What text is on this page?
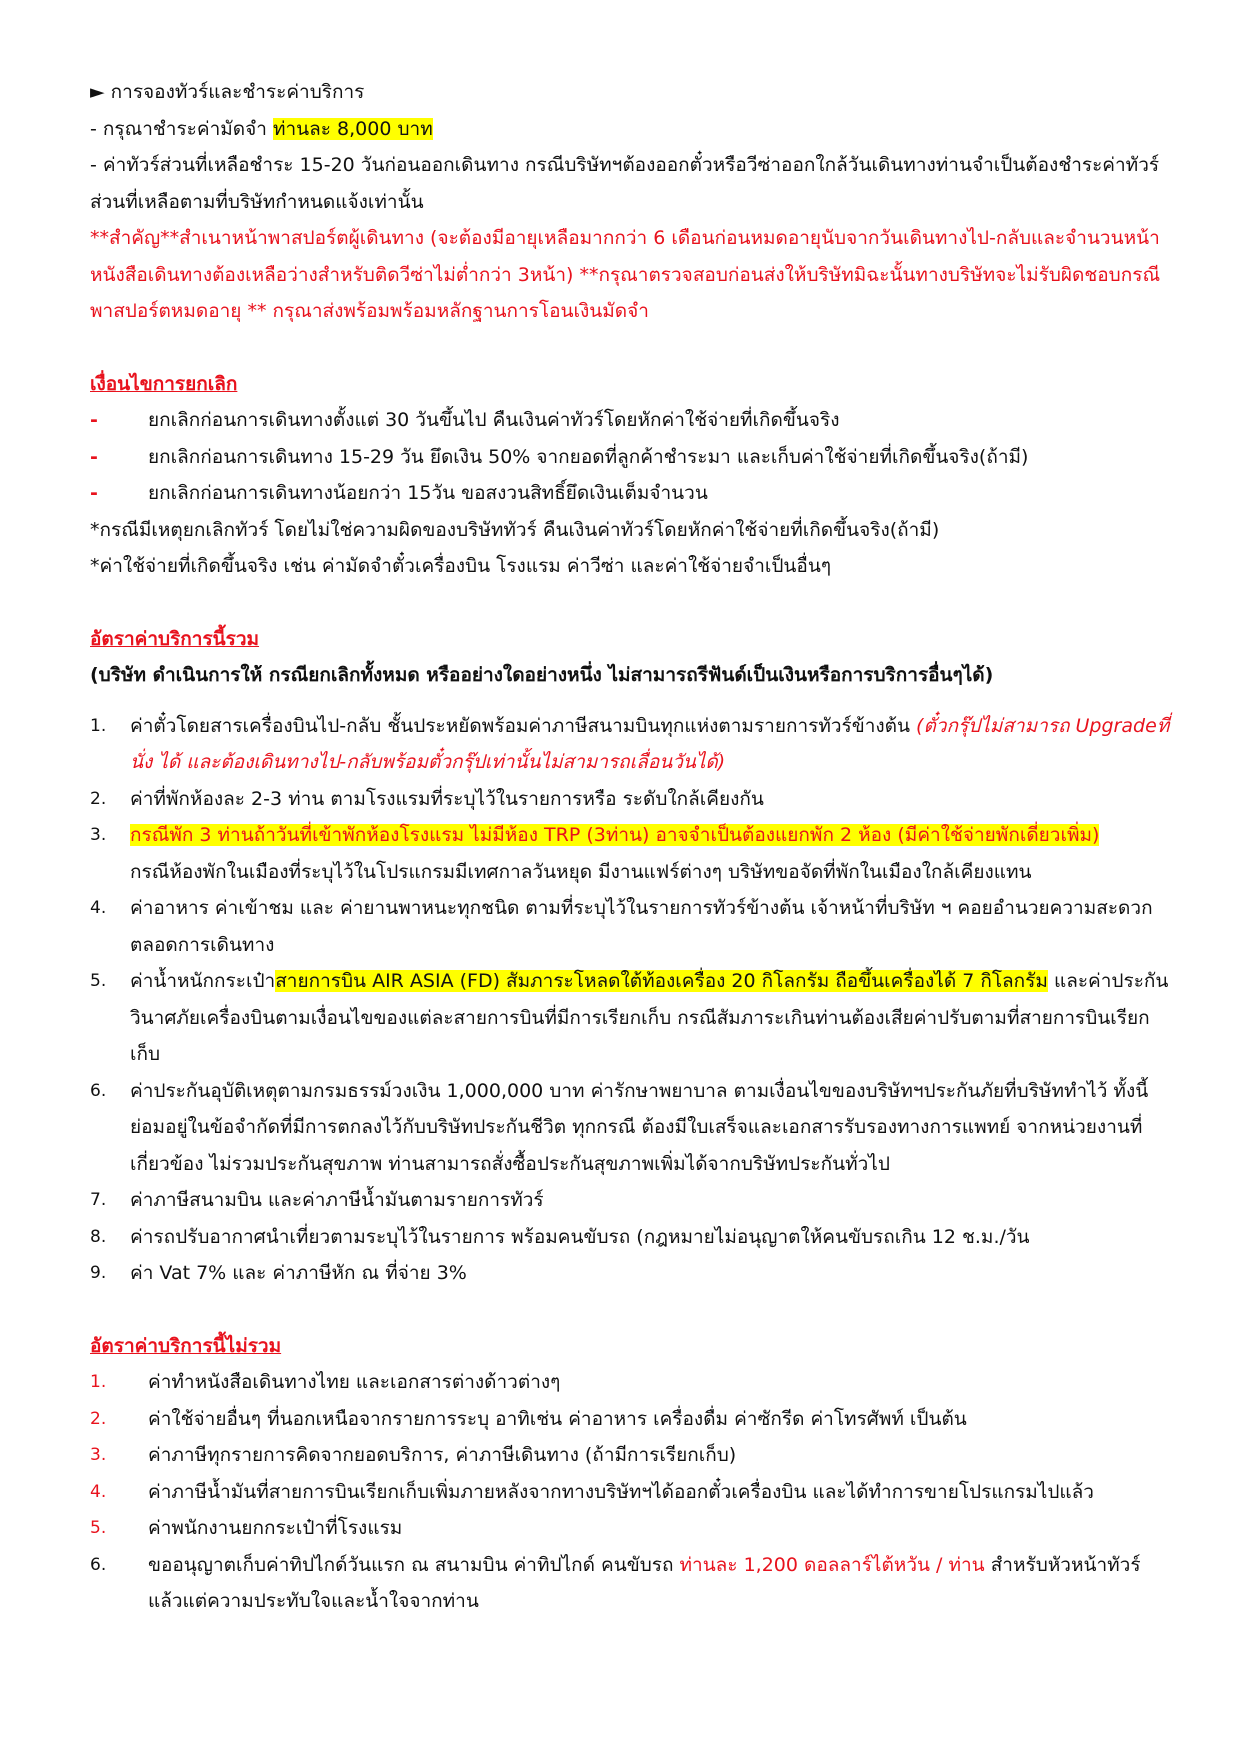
► การจองทัวร์และชำระค่าบริการ

- กรุณาชำระค่ามัดจำ ท่านละ 8,000 บาท

- ค่าทัวร์ส่วนที่เหลือชำระ 15-20 วันก่อนออกเดินทาง กรณีบริษัทฯต้องออกตั๋วหรือวีซ่าออกใกล้วันเดินทางท่านจำเป็นต้องชำระค่าทัวร์ส่วนที่เหลือตามที่บริษัทกำหนดแจ้งเท่านั้น

**สำคัญ**สำเนาหน้าพาสปอร์ตผู้เดินทาง (จะต้องมีอายุเหลือมากกว่า 6 เดือนก่อนหมดอายุนับจากวันเดินทางไป-กลับและจำนวนหน้าหนังสือเดินทางต้องเหลือว่างสำหรับติดวีซ่าไม่ต่ำกว่า 3หน้า) **กรุณาตรวจสอบก่อนส่งให้บริษัทมิฉะนั้นทางบริษัทจะไม่รับผิดชอบกรณีพาสปอร์ตหมดอายุ ** กรุณาส่งพร้อมพร้อมหลักฐานการโอนเงินมัดจำ

เงื่อนไขการยกเลิก

-	ยกเลิกก่อนการเดินทางตั้งแต่ 30 วันขึ้นไป คืนเงินค่าทัวร์โดยหักค่าใช้จ่ายที่เกิดขึ้นจริง
-	ยกเลิกก่อนการเดินทาง 15-29 วัน ยึดเงิน 50% จากยอดที่ลูกค้าชำระมา และเก็บค่าใช้จ่ายที่เกิดขึ้นจริง(ถ้ามี)
-	ยกเลิกก่อนการเดินทางน้อยกว่า 15วัน ขอสงวนสิทธิ์ยึดเงินเต็มจำนวน

*กรณีมีเหตุยกเลิกทัวร์ โดยไม่ใช่ความผิดของบริษัททัวร์ คืนเงินค่าทัวร์โดยหักค่าใช้จ่ายที่เกิดขึ้นจริง(ถ้ามี)

*ค่าใช้จ่ายที่เกิดขึ้นจริง เช่น ค่ามัดจำตั๋วเครื่องบิน โรงแรม ค่าวีซ่า และค่าใช้จ่ายจำเป็นอื่นๆ

อัตราค่าบริการนี้รวม

(บริษัท ดำเนินการให้ กรณียกเลิกทั้งหมด หรืออย่างใดอย่างหนึ่ง ไม่สามารถรีฟันด์เป็นเงินหรือการบริการอื่นๆได้)

1.	ค่าตั๋วโดยสารเครื่องบินไป-กลับ ชั้นประหยัดพร้อมค่าภาษีสนามบินทุกแห่งตามรายการทัวร์ข้างต้น (ตั๋วกรุ๊ปไม่สามารถ Upgradeที่นั่ง ได้ และต้องเดินทางไป-กลับพร้อมตั๋วกรุ๊ปเท่านั้นไม่สามารถเลื่อนวันได้)
2.	ค่าที่พักห้องละ 2-3 ท่าน ตามโรงแรมที่ระบุไว้ในรายการหรือ ระดับใกล้เคียงกัน
3.	กรณีพัก 3 ท่านถ้าวันที่เข้าพักห้องโรงแรม ไม่มีห้อง TRP (3ท่าน) อาจจำเป็นต้องแยกพัก 2 ห้อง (มีค่าใช้จ่ายพักเดี่ยวเพิ่ม)
กรณีห้องพักในเมืองที่ระบุไว้ในโปรแกรมมีเทศกาลวันหยุด มีงานแฟร์ต่างๆ บริษัทขอจัดที่พักในเมืองใกล้เคียงแทน
4.	ค่าอาหาร ค่าเข้าชม และ ค่ายานพาหนะทุกชนิด ตามที่ระบุไว้ในรายการทัวร์ข้างต้น เจ้าหน้าที่บริษัท ฯ คอยอำนวยความสะดวกตลอดการเดินทาง
5.	ค่าน้ำหนักกระเป๋าสายการบิน AIR ASIA (FD) สัมภาระโหลดใต้ท้องเครื่อง 20 กิโลกรัม ถือขึ้นเครื่องได้ 7 กิโลกรัม และค่าประกันวินาศภัยเครื่องบินตามเงื่อนไขของแต่ละสายการบินที่มีการเรียกเก็บ กรณีสัมภาระเกินท่านต้องเสียค่าปรับตามที่สายการบินเรียกเก็บ
6.	ค่าประกันอุบัติเหตุตามกรมธรรม์วงเงิน 1,000,000 บาท ค่ารักษาพยาบาล ตามเงื่อนไขของบริษัทฯประกันภัยที่บริษัททำไว้ ทั้งนี้ย่อมอยู่ในข้อจำกัดที่มีการตกลงไว้กับบริษัทประกันชีวิต ทุกกรณี ต้องมีใบเสร็จและเอกสารรับรองทางการแพทย์ จากหน่วยงานที่เกี่ยวข้อง ไม่รวมประกันสุขภาพ ท่านสามารถสั่งซื้อประกันสุขภาพเพิ่มได้จากบริษัทประกันทั่วไป
7.	ค่าภาษีสนามบิน และค่าภาษีน้ำมันตามรายการทัวร์
8.	ค่ารถปรับอากาศนำเที่ยวตามระบุไว้ในรายการ พร้อมคนขับรถ (กฎหมายไม่อนุญาตให้คนขับรถเกิน 12 ช.ม./วัน
9.	ค่า Vat 7% และ ค่าภาษีหัก ณ ที่จ่าย 3%

อัตราค่าบริการนี้ไม่รวม

1.	ค่าทำหนังสือเดินทางไทย และเอกสารต่างด้าวต่างๆ
2.	ค่าใช้จ่ายอื่นๆ ที่นอกเหนือจากรายการระบุ อาทิเช่น ค่าอาหาร เครื่องดื่ม ค่าซักรีด ค่าโทรศัพท์ เป็นต้น
3.	ค่าภาษีทุกรายการคิดจากยอดบริการ, ค่าภาษีเดินทาง (ถ้ามีการเรียกเก็บ)
4.	ค่าภาษีน้ำมันที่สายการบินเรียกเก็บเพิ่มภายหลังจากทางบริษัทฯได้ออกตั๋วเครื่องบิน และได้ทำการขายโปรแกรมไปแล้ว
5.	ค่าพนักงานยกกระเป๋าที่โรงแรม
6.	ขออนุญาตเก็บค่าทิปไกด์วันแรก ณ สนามบิน ค่าทิปไกด์ คนขับรถ ท่านละ 1,200 ดอลลาร์ไต้หวัน / ท่าน สำหรับหัวหน้าทัวร์แล้วแต่ความประทับใจและน้ำใจจากท่าน
